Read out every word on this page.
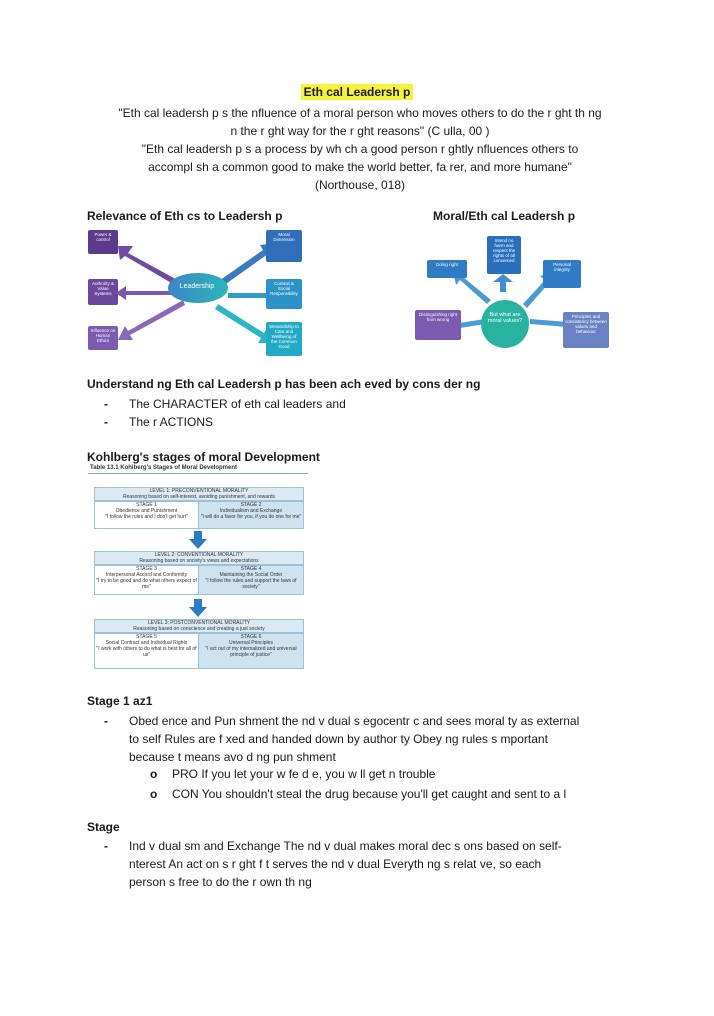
Eth cal Leadersh p
"Eth cal leadersh p s the nfluence of a moral person who moves others to do the r ght th ng
n the r ght way for the r ght reasons" (C ulla, 00 )
"Eth cal leadersh p s a process by wh ch a good person r ghtly nfluences others to
accompl sh a common good to make the world better, fa rer, and more humane"
(Northouse, 018)
Relevance of Eth cs to Leadersh p	Moral/Eth cal Leadersh p
Leadership
Power & control
Authority & Value Systems
Influence on Human Ethics
Moral Dimension
Context & Social Responsibility
Stewardship to Care and Wellbeing of the Common Good
But what are moral values?
Intend no harm and respect the rights of all concerned
Doing right	Personal integrity
Distinguishing right from wrong
Principles and consistency between values and behaviour
Understand ng Eth cal Leadersh p has been ach eved by cons der ng
- The CHARACTER of eth cal leaders and
- The r ACTIONS
Kohlberg's stages of moral Development
Table 13.1 Kohlberg's Stages of Moral Development
LEVEL 1: PRECONVENTIONAL MORALITY
Reasoning based on self-interest, avoiding punishment, and rewards
STAGE 1
Obedience and Punishment
"I follow the rules and I don't get hurt"
STAGE 2
Individualism and Exchange
"I will do a favor for you, if you do one for me"
LEVEL 2: CONVENTIONAL MORALITY
Reasoning based on society's views and expectations
STAGE 3
Interpersonal Accord and Conformity
"I try to be good and do what others expect of me"
STAGE 4
Maintaining the Social Order
"I follow the rules and support the laws of society"
LEVEL 3: POSTCONVENTIONAL MORALITY
Reasoning based on conscience and creating a just society
STAGE 5
Social Contract and Individual Rights
"I work with others to do what is best for all of us"
STAGE 6
Universal Principles
"I act out of my internalized and universal principle of justice"
Stage 1 az1
- Obed ence and Pun shment the nd v dual s egocentr c and sees moral ty as external
to self Rules are f xed and handed down by author ty Obey ng rules s mportant
because t means avo d ng pun shment
o PRO If you let your w fe d e, you w ll get n trouble
o CON You shouldn't steal the drug because you'll get caught and sent to a l
Stage
- Ind v dual sm and Exchange The nd v dual makes moral dec s ons based on self-
nterest An act on s r ght f t serves the nd v dual Everyth ng s relat ve, so each
person s free to do the r own th ng
